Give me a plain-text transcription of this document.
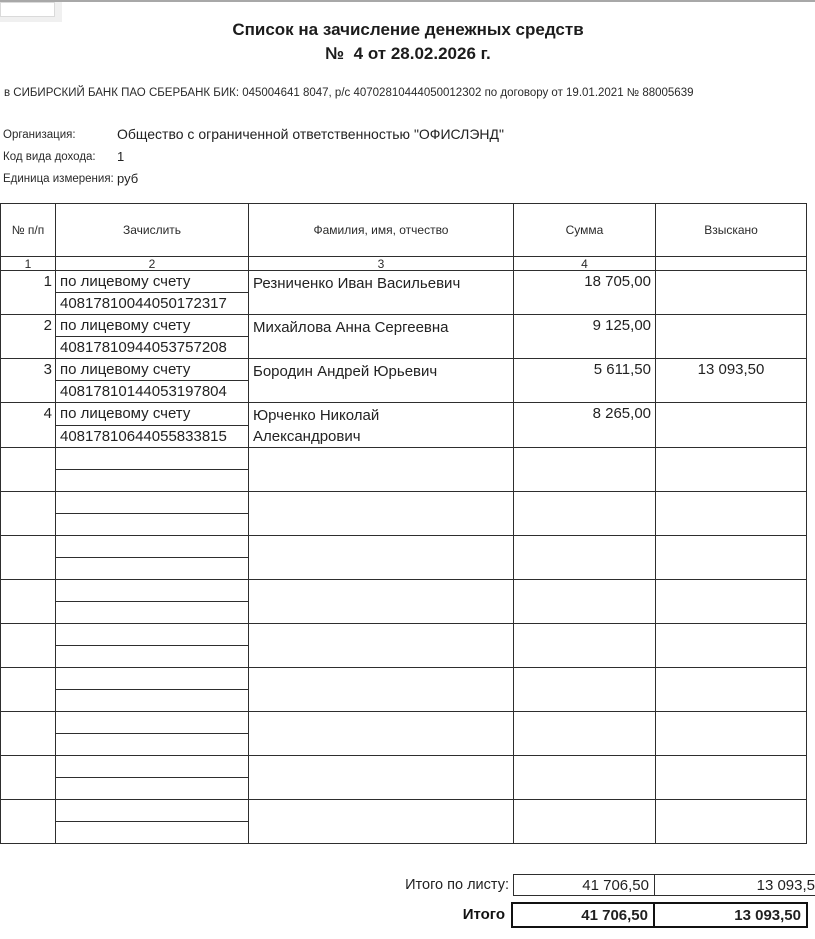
Список на зачисление денежных средств
№  4 от 28.02.2026 г.
в СИБИРСКИЙ БАНК ПАО СБЕРБАНК БИК: 045004641 8047, р/с 40702810444050012302 по договору от 19.01.2021 № 88005639
Организация:	Общество с ограниченной ответственностью "ОФИСЛЭНД"
Код вида дохода: 1
Единица измерения: руб
№ п/п	Зачислить	Фамилия, имя, отчество	Сумма	Взыскано
1	2	3	4	
1	по лицевому счету	Резниченко Иван Васильевич	18 705,00	
	40817810044050172317			
2	по лицевому счету	Михайлова Анна Сергеевна	9 125,00	
	40817810944053757208			
3	по лицевому счету	Бородин Андрей Юрьевич	5 611,50	13 093,50
	40817810144053197804			
4	по лицевому счету	Юрченко Николай Александрович	8 265,00	
	40817810644055833815			

Итого по листу:	41 706,50	13 093,5
Итого	41 706,50	13 093,50
